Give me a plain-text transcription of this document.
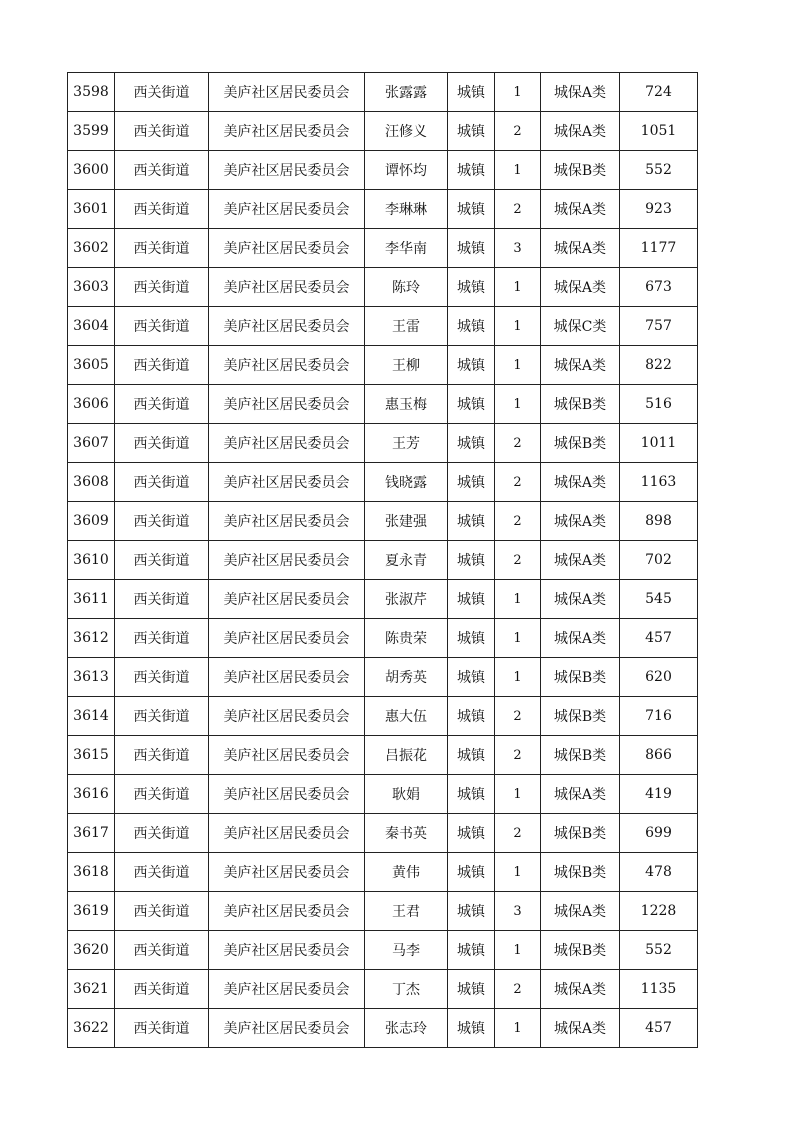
3598	西关街道	美庐社区居民委员会	张露露	城镇	1	城保A类	724
3599	西关街道	美庐社区居民委员会	汪修义	城镇	2	城保A类	1051
3600	西关街道	美庐社区居民委员会	谭怀均	城镇	1	城保B类	552
3601	西关街道	美庐社区居民委员会	李琳琳	城镇	2	城保A类	923
3602	西关街道	美庐社区居民委员会	李华南	城镇	3	城保A类	1177
3603	西关街道	美庐社区居民委员会	陈玲	城镇	1	城保A类	673
3604	西关街道	美庐社区居民委员会	王雷	城镇	1	城保C类	757
3605	西关街道	美庐社区居民委员会	王柳	城镇	1	城保A类	822
3606	西关街道	美庐社区居民委员会	惠玉梅	城镇	1	城保B类	516
3607	西关街道	美庐社区居民委员会	王芳	城镇	2	城保B类	1011
3608	西关街道	美庐社区居民委员会	钱晓露	城镇	2	城保A类	1163
3609	西关街道	美庐社区居民委员会	张建强	城镇	2	城保A类	898
3610	西关街道	美庐社区居民委员会	夏永青	城镇	2	城保A类	702
3611	西关街道	美庐社区居民委员会	张淑芹	城镇	1	城保A类	545
3612	西关街道	美庐社区居民委员会	陈贵荣	城镇	1	城保A类	457
3613	西关街道	美庐社区居民委员会	胡秀英	城镇	1	城保B类	620
3614	西关街道	美庐社区居民委员会	惠大伍	城镇	2	城保B类	716
3615	西关街道	美庐社区居民委员会	吕振花	城镇	2	城保B类	866
3616	西关街道	美庐社区居民委员会	耿娟	城镇	1	城保A类	419
3617	西关街道	美庐社区居民委员会	秦书英	城镇	2	城保B类	699
3618	西关街道	美庐社区居民委员会	黄伟	城镇	1	城保B类	478
3619	西关街道	美庐社区居民委员会	王君	城镇	3	城保A类	1228
3620	西关街道	美庐社区居民委员会	马李	城镇	1	城保B类	552
3621	西关街道	美庐社区居民委员会	丁杰	城镇	2	城保A类	1135
3622	西关街道	美庐社区居民委员会	张志玲	城镇	1	城保A类	457
